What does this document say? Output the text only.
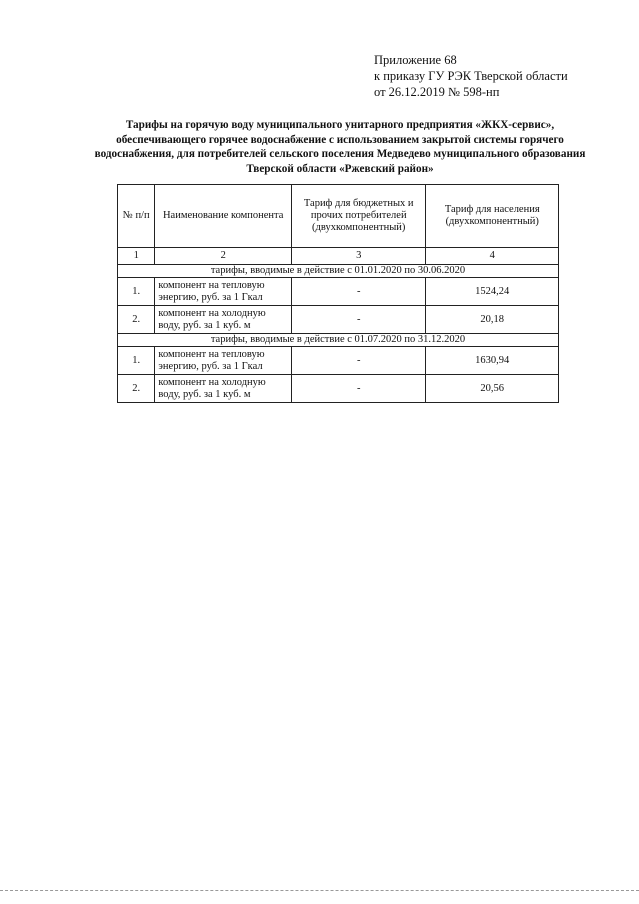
Приложение 68
к приказу ГУ РЭК Тверской области
от 26.12.2019 № 598-нп
Тарифы на горячую воду муниципального унитарного предприятия «ЖКХ-сервис»,
обеспечивающего горячее водоснабжение с использованием закрытой системы горячего
водоснабжения, для потребителей сельского поселения Медведево муниципального образования
Тверской области «Ржевский район»
№ п/п	Наименование компонента	Тариф для бюджетных и прочих потребителей (двухкомпонентный)	Тариф для населения (двухкомпонентный)
1	2	3	4
тарифы, вводимые в действие с 01.01.2020 по 30.06.2020			
1.	компонент на тепловую энергию, руб. за 1 Гкал	-	1524,24
2.	компонент на холодную воду, руб. за 1 куб. м	-	20,18
тарифы, вводимые в действие с 01.07.2020 по 31.12.2020			
1.	компонент на тепловую энергию, руб. за 1 Гкал	-	1630,94
2.	компонент на холодную воду, руб. за 1 куб. м	-	20,56
